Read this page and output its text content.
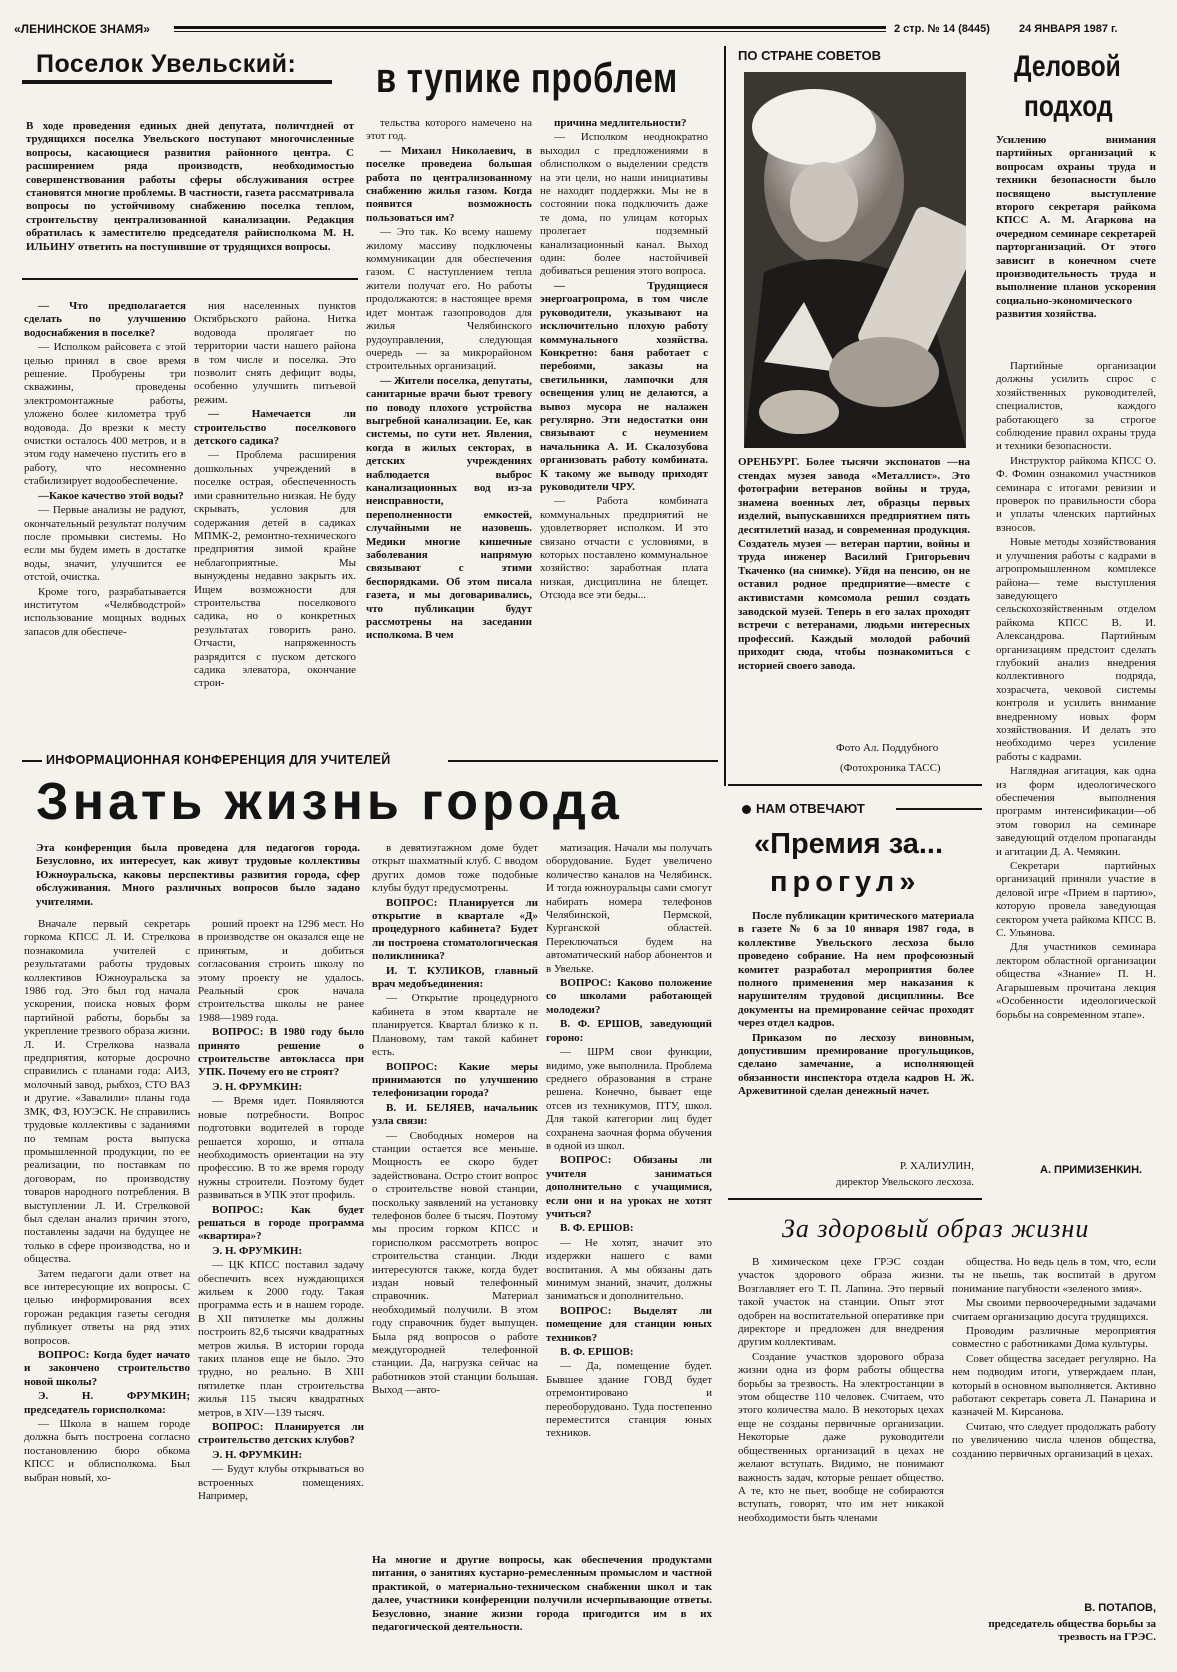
«ЛЕНИНСКОЕ ЗНАМЯ»	2 стр. № 14 (8445)	24 ЯНВАРЯ 1987 г.
Поселок Увельский: в тупике проблем
В ходе проведения единых дней депутата, поличтдней от трудящихся поселка Увельского поступают многочисленные вопросы, касающиеся развития районного центра. С расширением ряда производств, необходимостью совершенствования работы сферы обслуживания острее становятся многие проблемы. В частности, газета рассматривала вопросы по устойчивому снабжению поселка теплом, строительству централизованной канализации. Редакция обратилась к заместителю председателя райисполкома М. Н. ИЛЬИНУ ответить на поступившие от трудящихся вопросы.

— Что предполагается сделать по улучшению водоснабжения в поселке?

— Исполком райсовета с этой целью принял в свое время решение. Пробурены три скважины, проведены электромонтажные работы, уложено более километра труб водовода. До врезки к месту очистки осталось 400 метров, и в этом году намечено пустить его в работу, что несомненно стабилизирует водообеспечение.

—Какое качество этой воды?

— Первые анализы не радуют, окончательный результат получим после промывки системы. Но если мы будем иметь в достатке воды, значит, улучшится ее отстой, очистка.

Кроме того, разрабатывается институтом «Челябводстрой» использование мощных водных запасов для обеспече-

ния населенных пунктов Октябрьского района. Нитка водовода пролягает по территории части нашего района в том числе и поселка. Это позволит снять дефицит воды, особенно улучшить питьевой режим.

— Намечается ли строительство поселкового детского садика?

— Проблема расширения дошкольных учреждений в поселке острая, обеспеченность ими сравнительно низкая. Не буду скрывать, условия для содержания детей в садиках МПМК-2, ремонтно-технического предприятия зимой крайне неблагоприятные. Мы вынуждены недавно закрыть их. Ищем возможности для строительства поселкового садика, но о конкретных результатах говорить рано. Отчасти, напряженность разрядится с пуском детского садика элеватора, окончание строи-

тельства которого намечено на этот год.

— Михаил Николаевич, в поселке проведена большая работа по централизованному снабжению жилья газом. Когда появится возможность пользоваться им?

— Это так. Ко всему нашему жилому массиву подключены коммуникации для обеспечения газом. С наступлением тепла жители получат его. Но работы продолжаются: в настоящее время идет монтаж газопроводов для жилья Челябинского рудоуправления, следующая очередь — за микрорайоном строительных организаций.

— Жители поселка, депутаты, санитарные врачи бьют тревогу по поводу плохого устройства выгребной канализации. Ее, как системы, по сути нет. Явления, когда в жилых секторах, в детских учреждениях наблюдается выброс канализационных вод из-за неисправности, переполненности емкостей, случайными не назовешь. Медики многие кишечные заболевания напрямую связывают с этими беспорядками. Об этом писала газета, и мы договаривались, что публикации будут рассмотрены на заседании исполкома. В чем

причина медлительности?

— Исполком неоднократно выходил с предложениями в облисполком о выделении средств на эти цели, но наши инициативы не находят поддержки. Мы не в состоянии пока подключить даже те дома, по улицам которых пролегает подземный канализационный канал. Выход один: более настойчивей добиваться решения этого вопроса.

— Трудящиеся энергоагропрома, в том числе руководители, указывают на исключительно плохую работу коммунального хозяйства. Конкретно: баня работает с перебоями, заказы на светильники, лампочки для освещения улиц не делаются, а вывоз мусора не налажен регулярно. Эти недостатки они связывают с неумением начальника А. И. Скалозубова организовать работу комбината. К такому же выводу приходят руководители ЧРУ.

— Работа комбината коммунальных предприятий не удовлетворяет исполком. И это связано отчасти с условиями, в которых поставлено коммунальное хозяйство: заработная плата низкая, дисциплина не блещет. Отсюда все эти беды...

ПО СТРАНЕ СОВЕТОВ
ОРЕНБУРГ. Более тысячи экспонатов —на стендах музея завода «Металлист». Это фотографии ветеранов войны и труда, знамена военных лет, образцы первых изделий, выпускавшихся предприятием пять десятилетий назад, и современная продукция. Создатель музея — ветеран партии, войны и труда инженер Василий Григорьевич Ткаченко (на снимке). Уйдя на пенсию, он не оставил родное предприятие—вместе с активистами комсомола решил создать заводской музей. Теперь в его залах проходят встречи с ветеранами, людьми интересных профессий. Каждый молодой рабочий приходит сюда, чтобы познакомиться с историей своего завода.
Фото Ал. Поддубного
(Фотохроника ТАСС)
Деловой
подход
Усилению внимания партийных организаций к вопросам охраны труда и техники безопасности было посвящено выступление второго секретаря райкома КПСС А. М. Агаркова на очередном семинаре секретарей парторганизаций. От этого зависит в конечном счете производительность труда и выполнение планов ускорения социально-экономического развития хозяйства.

Партийные организации должны усилить спрос с хозяйственных руководителей, специалистов, каждого работающего за строгое соблюдение правил охраны труда и техники безопасности.

Инструктор райкома КПСС О. Ф. Фомин ознакомил участников семинара с итогами ревизии и проверок по правильности сбора и уплаты членских партийных взносов.

Новые методы хозяйствования и улучшения работы с кадрами в агропромышленном комплексе района— теме выступления заведующего сельскохозяйственным отделом райкома КПСС В. И. Александрова. Партийным организациям предстоит сделать глубокий анализ внедрения коллективного подряда, хозрасчета, чековой системы контроля и усилить внимание внедренному новых форм хозяйствования. И делать это необходимо через усиление работы с кадрами.

Наглядная агитация, как одна из форм идеологического обеспечения выполнения программ интенсификации—об этом говорил на семинаре заведующий отделом пропаганды и агитации Д. А. Чемякин.

Секретари партийных организаций приняли участие в деловой игре «Прием в партию», которую провела заведующая сектором учета райкома КПСС В. С. Ульянова.

Для участников семинара лектором областной организации общества «Знание» П. Н. Агарышевым прочитана лекция «Особенности идеологической борьбы на современном этапе».

А. ПРИМИЗЕНКИН.
ИНФОРМАЦИОННАЯ КОНФЕРЕНЦИЯ ДЛЯ УЧИТЕЛЕЙ
Знать жизнь города
Эта конференция была проведена для педагогов города. Безусловно, их интересует, как живут трудовые коллективы Южноуральска, каковы перспективы развития города, сфер обслуживания. Много различных вопросов было задано учителями.

Вначале первый секретарь горкома КПСС Л. И. Стрелкова познакомила учителей с результатами работы трудовых коллективов Южноуральска за 1986 год. Это был год начала ускорения, поиска новых форм партийной работы, борьбы за укрепление трезвого образа жизни. Л. И. Стрелкова назвала предприятия, которые досрочно справились с планами года: АИЗ, молочный завод, рыбхоз, СТО ВАЗ и другие. «Завалили» планы года ЗМК, ФЗ, ЮУЭСК. Не справились трудовые коллективы с заданиями по темпам роста выпуска промышленной продукции, по ее реализации, по поставкам по договорам, по производству товаров народного потребления. В выступлении Л. И. Стрелковой был сделан анализ причин этого, поставлены задачи на будущее не только в сфере производства, но и общества.

Затем педагоги дали ответ на все интересующие их вопросы. С целью информирования всех горожан редакция газеты сегодня публикует ответы на ряд этих вопросов.

ВОПРОС: Когда будет начато и закончено строительство новой школы?

Э. Н. ФРУМКИН; председатель горисполкома:

— Школа в нашем городе должна быть построена согласно постановлению бюро обкома КПСС и облисполкома. Был выбран новый, хо-

роший проект на 1296 мест. Но в производстве он оказался еще не принятым, и добиться согласования строить школу по этому проекту не удалось. Реальный срок начала строительства школы не ранее 1988—1989 года.

ВОПРОС: В 1980 году было принято решение о строительстве автокласса при УПК. Почему его не строят?

Э. Н. ФРУМКИН:

— Время идет. Появляются новые потребности. Вопрос подготовки водителей в городе решается хорошо, и отпала необходимость ориентации на эту профессию. В то же время городу нужны строители. Поэтому будет развиваться в УПК этот профиль.

ВОПРОС: Как будет решаться в городе программа «квартира»?

Э. Н. ФРУМКИН:

— ЦК КПСС поставил задачу обеспечить всех нуждающихся жильем к 2000 году. Такая программа есть и в нашем городе. В XII пятилетке мы должны построить 82,6 тысячи квадратных метров жилья. В истории города таких планов еще не было. Это трудно, но реально. В XIII пятилетке план строительства жилья 115 тысяч квадратных метров, в XIV—139 тысяч.

ВОПРОС: Планируется ли строительство детских клубов?

Э. Н. ФРУМКИН:

— Будут клубы открываться во встроенных помещениях. Например,

в девятиэтажном доме будет открыт шахматный клуб. С вводом других домов тоже подобные клубы будут предусмотрены.

ВОПРОС: Планируется ли открытие в квартале «Д» процедурного кабинета? Будет ли построена стоматологическая поликлиника?

И. Т. КУЛИКОВ, главный врач медобъединения:

— Открытие процедурного кабинета в этом квартале не планируется. Квартал близко к п. Плановому, там такой кабинет есть.

ВОПРОС: Какие меры принимаются по улучшению телефонизации города?

В. И. БЕЛЯЕВ, начальник узла связи:

— Свободных номеров на станции остается все меньше. Мощность ее скоро будет задействована. Остро стоит вопрос о строительстве новой станции, поскольку заявлений на установку телефонов более 6 тысяч. Поэтому мы просим горком КПСС и горисполком рассмотреть вопрос строительства станции. Люди интересуются также, когда будет издан новый телефонный справочник. Материал необходимый получили. В этом году справочник будет выпущен. Была ряд вопросов о работе междугородней телефонной станции. Да, нагрузка сейчас на работников этой станции большая. Выход —авто-

матизация. Начали мы получать оборудование. Будет увеличено количество каналов на Челябинск. И тогда южноуральцы сами смогут набирать номера телефонов Челябинской, Пермской, Курганской областей. Переключаться будем на автоматический набор абонентов и в Увельке.

ВОПРОС: Каково положение со школами работающей молодежи?

В. Ф. ЕРШОВ, заведующий гороно:

— ШРМ свои функции, видимо, уже выполнила. Проблема среднего образования в стране решена. Конечно, бывает еще отсев из техникумов, ПТУ, школ. Для такой категории лиц будет сохранена заочная форма обучения в одной из школ.

ВОПРОС: Обязаны ли учителя заниматься дополнительно с учащимися, если они и на уроках не хотят учиться?

В. Ф. ЕРШОВ:

— Не хотят, значит это издержки нашего с вами воспитания. А мы обязаны дать минимум знаний, значит, должны заниматься и дополнительно.

ВОПРОС: Выделят ли помещение для станции юных техников?

В. Ф. ЕРШОВ:

— Да, помещение будет. Бывшее здание ГОВД будет отремонтировано и переоборудовано. Туда постепенно переместится станция юных техников.

На многие и другие вопросы, как обеспечения продуктами питания, о занятиях кустарно-ремесленным промыслом и частной практикой, о материально-техническом снабжении школ и так далее, участники конференции получили исчерпывающие ответы. Безусловно, знание жизни города пригодится им в их педагогической деятельности.
НАМ ОТВЕЧАЮТ
«Премия за...
прогул»

После публикации критического материала в газете № 6 за 10 января 1987 года, в коллективе Увельского лесхоза было проведено собрание. На нем профсоюзный комитет разработал мероприятия более полного применения мер наказания к нарушителям трудовой дисциплины. Все документы на премирование сейчас проходят через отдел кадров.

Приказом по лесхозу виновным, допустившим премирование прогульщиков, сделано замечание, а исполняющей обязанности инспектора отдела кадров Н. Ж. Аржевитиной сделан денежный начет.

Р. ХАЛИУЛИН,
директор Увельского лесхоза.
За здоровый образ жизни

В химическом цехе ГРЭС создан участок здорового образа жизни. Возглавляет его Т. П. Лапина. Это первый такой участок на станции. Опыт этот одобрен на воспитательной оперативке при директоре и предложен для внедрения другим коллективам.

Создание участков здорового образа жизни одна из форм работы общества борьбы за трезвость. На электростанции в этом обществе 110 человек. Считаем, что этого количества мало. В некоторых цехах еще не созданы первичные организации. Некоторые даже руководители общественных организаций в цехах не желают вступать. Видимо, не понимают важность задач, которые решает общество. А те, кто не пьет, вообще не собираются вступать, говорят, что им нет никакой необходимости быть членами

общества. Но ведь цель в том, что, если ты не пьешь, так воспитай в другом понимание пагубности «зеленого змия».

Мы своими первоочередными задачами считаем организацию досуга трудящихся.

Проводим различные мероприятия совместно с работниками Дома культуры.

Совет общества заседает регулярно. На нем подводим итоги, утверждаем план, который в основном выполняется. Активно работают секретарь совета Л. Панарина и казначей М. Кирсанова.

Считаю, что следует продолжать работу по увеличению числа членов общества, созданию первичных организаций в цехах.

В. ПОТАПОВ,
председатель общества борьбы за трезвость на ГРЭС.
